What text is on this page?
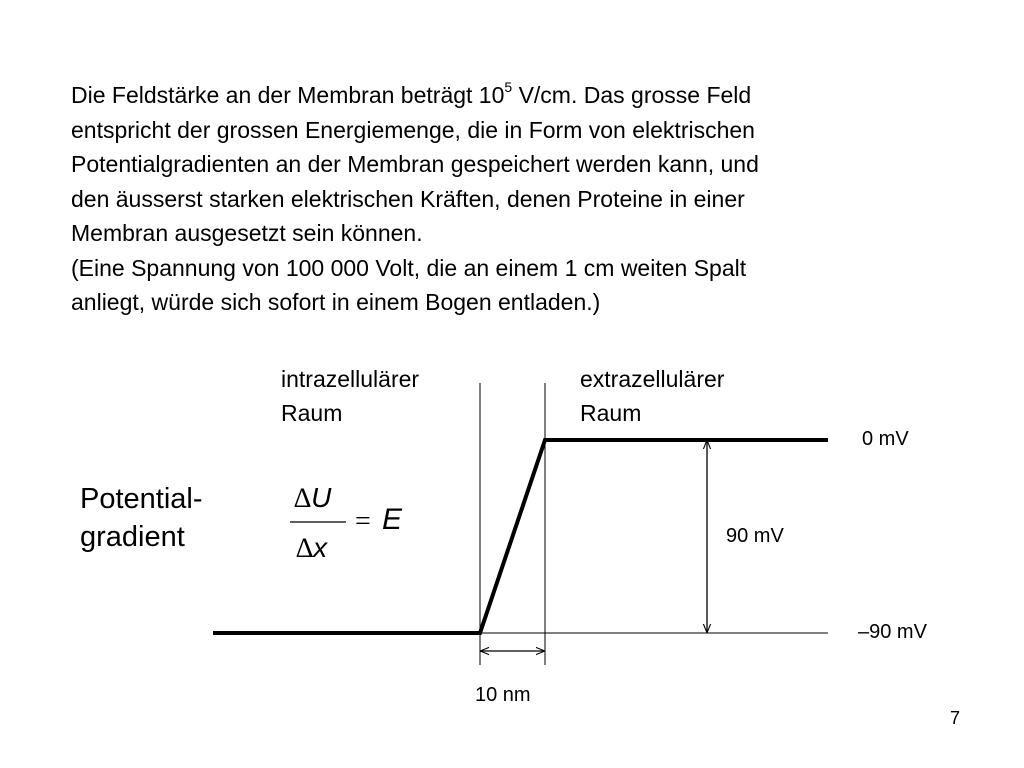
Die Feldstärke an der Membran beträgt $10^5$ V/cm. Das grosse Feld
entspricht der grossen Energiemenge, die in Form von elektrischen
Potentialgradienten an der Membran gespeichert werden kann, und
den äusserst starken elektrischen Kräften, denen Proteine in einer
Membran ausgesetzt sein können.
(Eine Spannung von 100 000 Volt, die an einem 1 cm weiten Spalt
anliegt, würde sich sofort in einem Bogen entladen.)
intrazellulärer
Raum
extrazellulärer
Raum
0 mV
–90 mV
90 mV
10 nm
Potential-
gradient
∆U
∆x
= E
7
